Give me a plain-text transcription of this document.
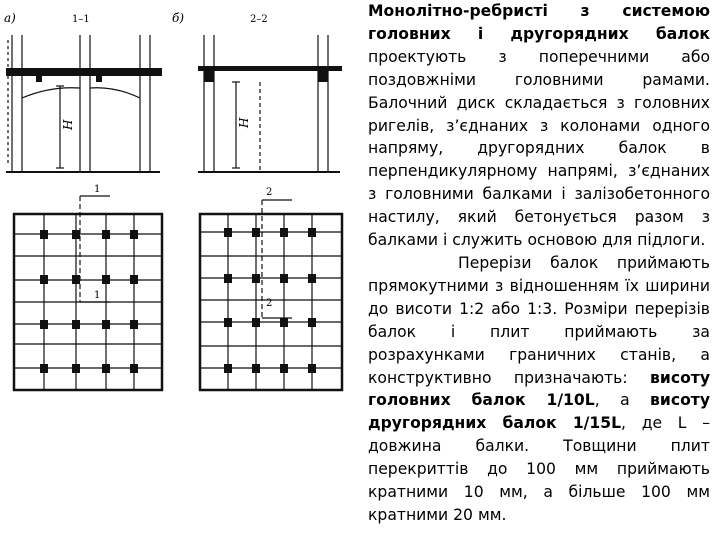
а)	1–1	б)	2–2
H	H
1
1
2
2

Монолітно-ребристі з системою головних і другорядних балок проектують з поперечними або поздовжніми головними рамами. Балочний диск складається з головних ригелів, з’єднаних з колонами одного напряму, другорядних балок в перпендикулярному напрямі, з’єднаних з головними балками і залізобетонного настилу, який бетонується разом з балками і служить основою для підлоги.

Перерізи балок приймають прямокутними з відношенням їх ширини до висоти 1:2 або 1:3. Розміри перерізів балок і плит приймають за розрахунками граничних станів, а конструктивно призначають: висоту головних балок 1/10L, а висоту другорядних балок 1/15L, де L – довжина балки. Товщини плит перекриттів до 100 мм приймають кратними 10 мм, а більше 100 мм кратними 20 мм.
